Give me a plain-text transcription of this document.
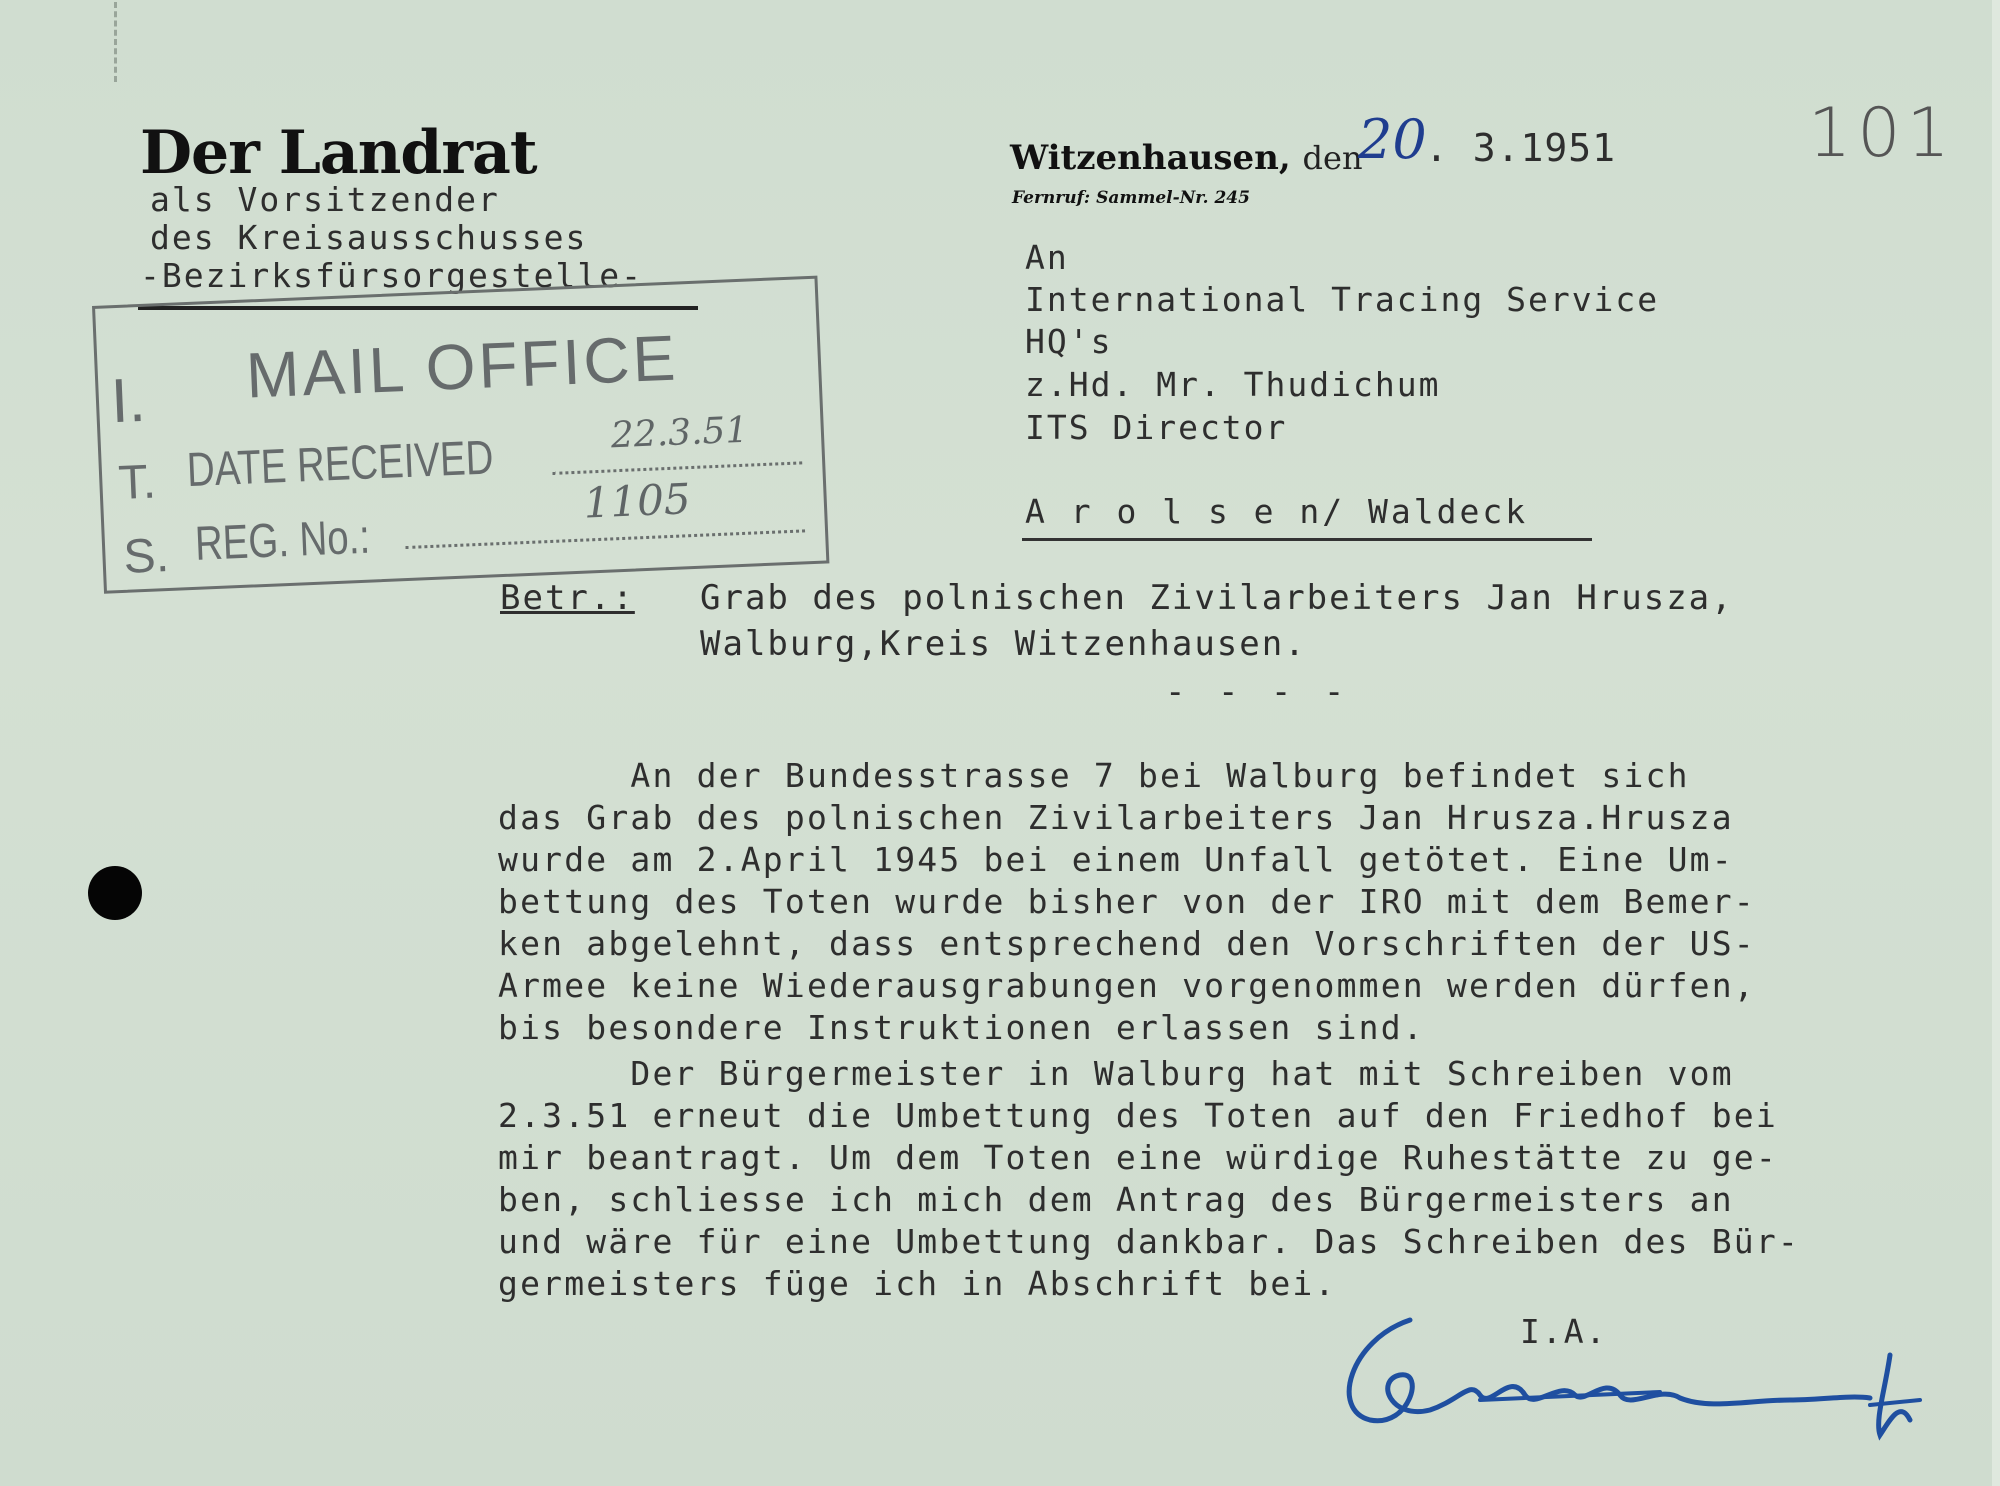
Der Landrat

als Vorsitzender

des Kreisausschusses

-Bezirksfürsorgestelle-

Witzenhausen, den

Fernruf: Sammel-Nr. 245

20

. 3.1951	101

An

International Tracing Service

HQ's

z.Hd. Mr. Thudichum

ITS Director

A r o l s e n/ Waldeck

I. MAIL OFFICE

T. DATE RECEIVED	22.3.51

S. REG. No.:

1105

Betr.: Grab des polnischen Zivilarbeiters Jan Hrusza,

Walburg,Kreis Witzenhausen.

- - - -

An der Bundesstrasse 7 bei Walburg befindet sich

das Grab des polnischen Zivilarbeiters Jan Hrusza.Hrusza

wurde am 2.April 1945 bei einem Unfall getötet. Eine Um-

bettung des Toten wurde bisher von der IRO mit dem Bemer-

ken abgelehnt, dass entsprechend den Vorschriften der US-

Armee keine Wiederausgrabungen vorgenommen werden dürfen,

bis besondere Instruktionen erlassen sind.

Der Bürgermeister in Walburg hat mit Schreiben vom

2.3.51 erneut die Umbettung des Toten auf den Friedhof bei

mir beantragt. Um dem Toten eine würdige Ruhestätte zu ge-

ben, schliesse ich mich dem Antrag des Bürgermeisters an

und wäre für eine Umbettung dankbar. Das Schreiben des Bür-

germeisters füge ich in Abschrift bei.

I.A.
